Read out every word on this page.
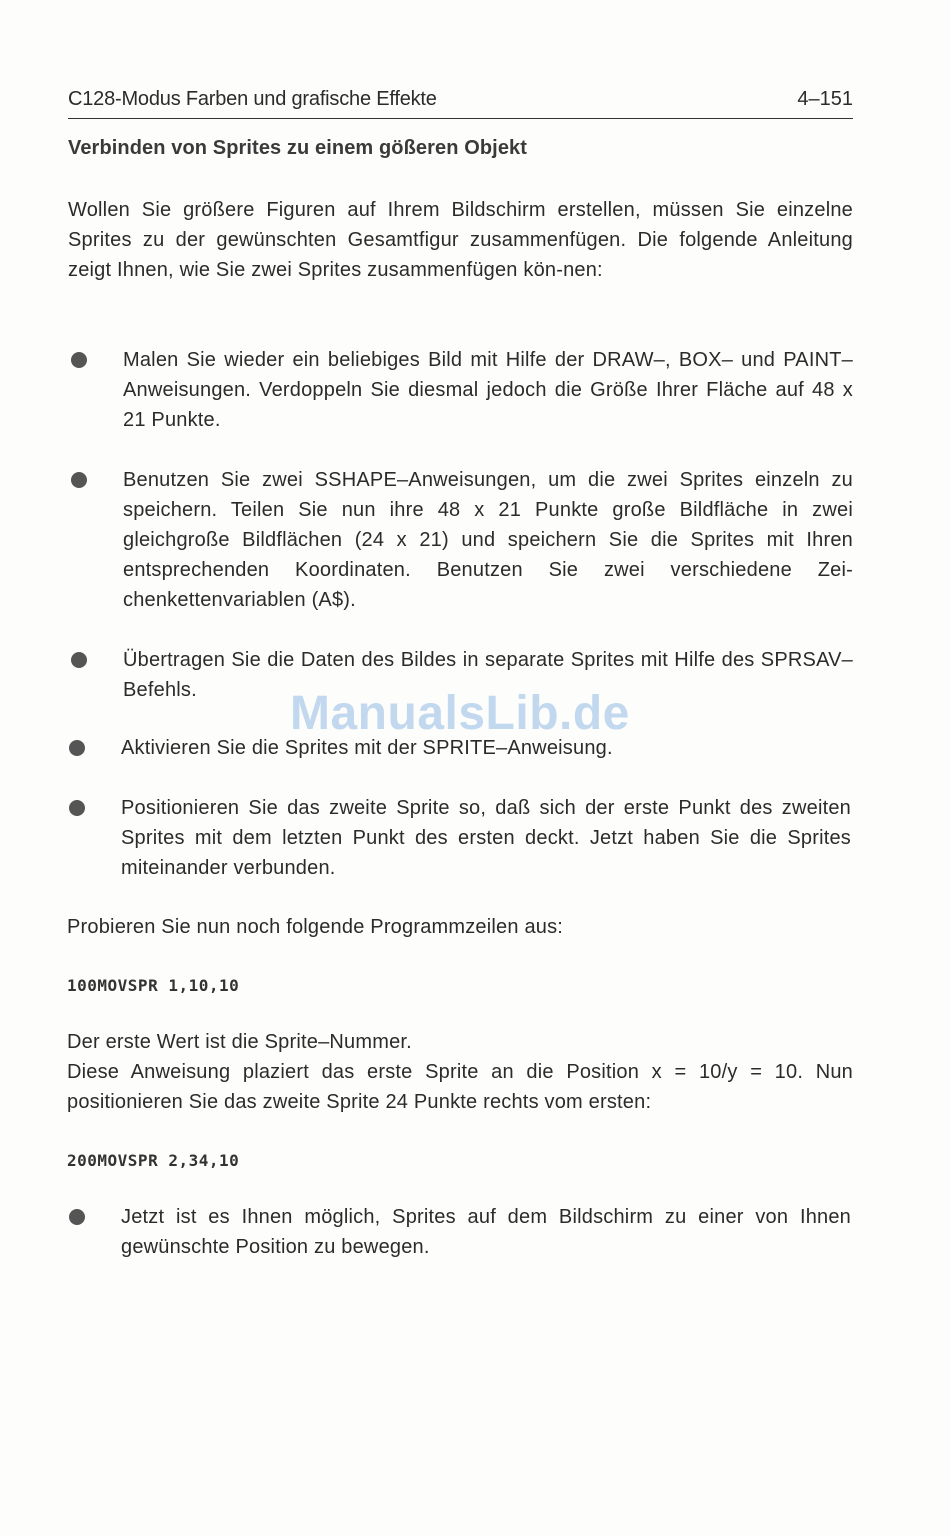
C128-Modus Farben und grafische Effekte	4–151
Verbinden von Sprites zu einem gößeren Objekt
Wollen Sie größere Figuren auf Ihrem Bildschirm erstellen, müssen Sie einzelne Sprites zu der gewünschten Gesamtfigur zusammenfügen. Die folgende Anleitung zeigt Ihnen, wie Sie zwei Sprites zusammenfügen kön-nen:
Malen Sie wieder ein beliebiges Bild mit Hilfe der DRAW–, BOX– und PAINT–Anweisungen. Verdoppeln Sie diesmal jedoch die Größe Ihrer Fläche auf 48 x 21 Punkte.
Benutzen Sie zwei SSHAPE–Anweisungen, um die zwei Sprites einzeln zu speichern. Teilen Sie nun ihre 48 x 21 Punkte große Bildfläche in zwei gleichgroße Bildflächen (24 x 21) und speichern Sie die Sprites mit Ihren entsprechenden Koordinaten. Benutzen Sie zwei verschiedene Zei-chenkettenvariablen (A$).
Übertragen Sie die Daten des Bildes in separate Sprites mit Hilfe des SPRSAV–Befehls.
Aktivieren Sie die Sprites mit der SPRITE–Anweisung.
Positionieren Sie das zweite Sprite so, daß sich der erste Punkt des zweiten Sprites mit dem letzten Punkt des ersten deckt. Jetzt haben Sie die Sprites miteinander verbunden.
Probieren Sie nun noch folgende Programmzeilen aus:
100MOVSPR 1,10,10
Der erste Wert ist die Sprite–Nummer.
Diese Anweisung plaziert das erste Sprite an die Position x = 10/y = 10. Nun positionieren Sie das zweite Sprite 24 Punkte rechts vom ersten:
200MOVSPR 2,34,10
Jetzt ist es Ihnen möglich, Sprites auf dem Bildschirm zu einer von Ihnen gewünschte Position zu bewegen.
ManualsLib.de
